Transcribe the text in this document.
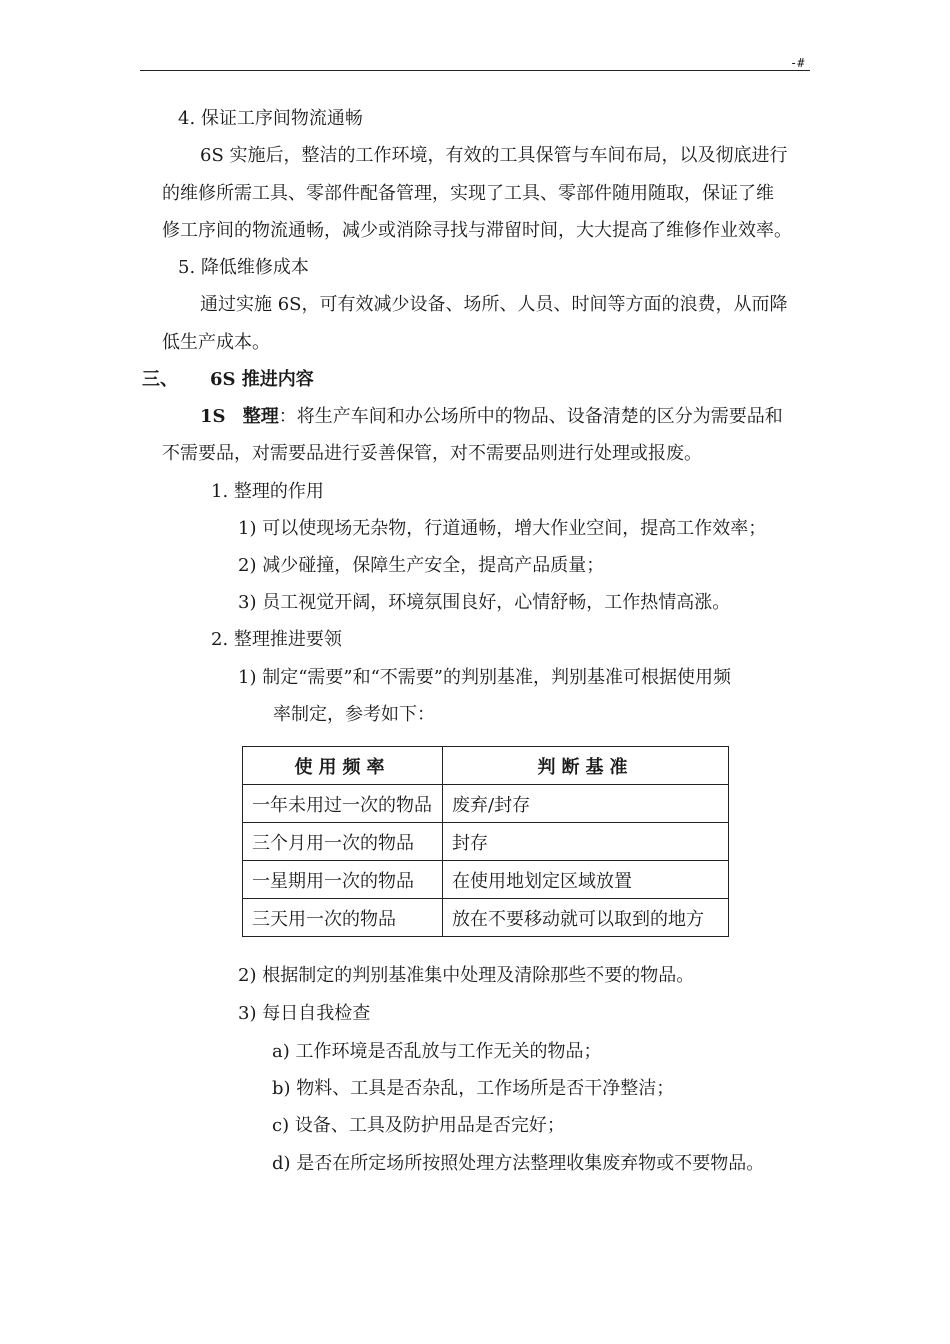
-#
4. 保证工序间物流通畅
6S 实施后，整洁的工作环境，有效的工具保管与车间布局，以及彻底进行
的维修所需工具、零部件配备管理，实现了工具、零部件随用随取，保证了维
修工序间的物流通畅，减少或消除寻找与滞留时间，大大提高了维修作业效率。
5. 降低维修成本
通过实施 6S，可有效减少设备、场所、人员、时间等方面的浪费，从而降
低生产成本。
三、 6S 推进内容
1S 整理：将生产车间和办公场所中的物品、设备清楚的区分为需要品和
不需要品，对需要品进行妥善保管，对不需要品则进行处理或报废。
1. 整理的作用
1) 可以使现场无杂物，行道通畅，增大作业空间，提高工作效率；
2) 减少碰撞，保障生产安全，提高产品质量；
3) 员工视觉开阔，环境氛围良好，心情舒畅，工作热情高涨。
2. 整理推进要领
1) 制定“需要”和“不需要”的判别基准，判别基准可根据使用频
率制定，参考如下：
使用频率	判断基准
一年未用过一次的物品	废弃/封存
三个月用一次的物品	封存
一星期用一次的物品	在使用地划定区域放置
三天用一次的物品	放在不要移动就可以取到的地方
2) 根据制定的判别基准集中处理及清除那些不要的物品。
3) 每日自我检查
a) 工作环境是否乱放与工作无关的物品；
b) 物料、工具是否杂乱，工作场所是否干净整洁；
c) 设备、工具及防护用品是否完好；
d) 是否在所定场所按照处理方法整理收集废弃物或不要物品。
